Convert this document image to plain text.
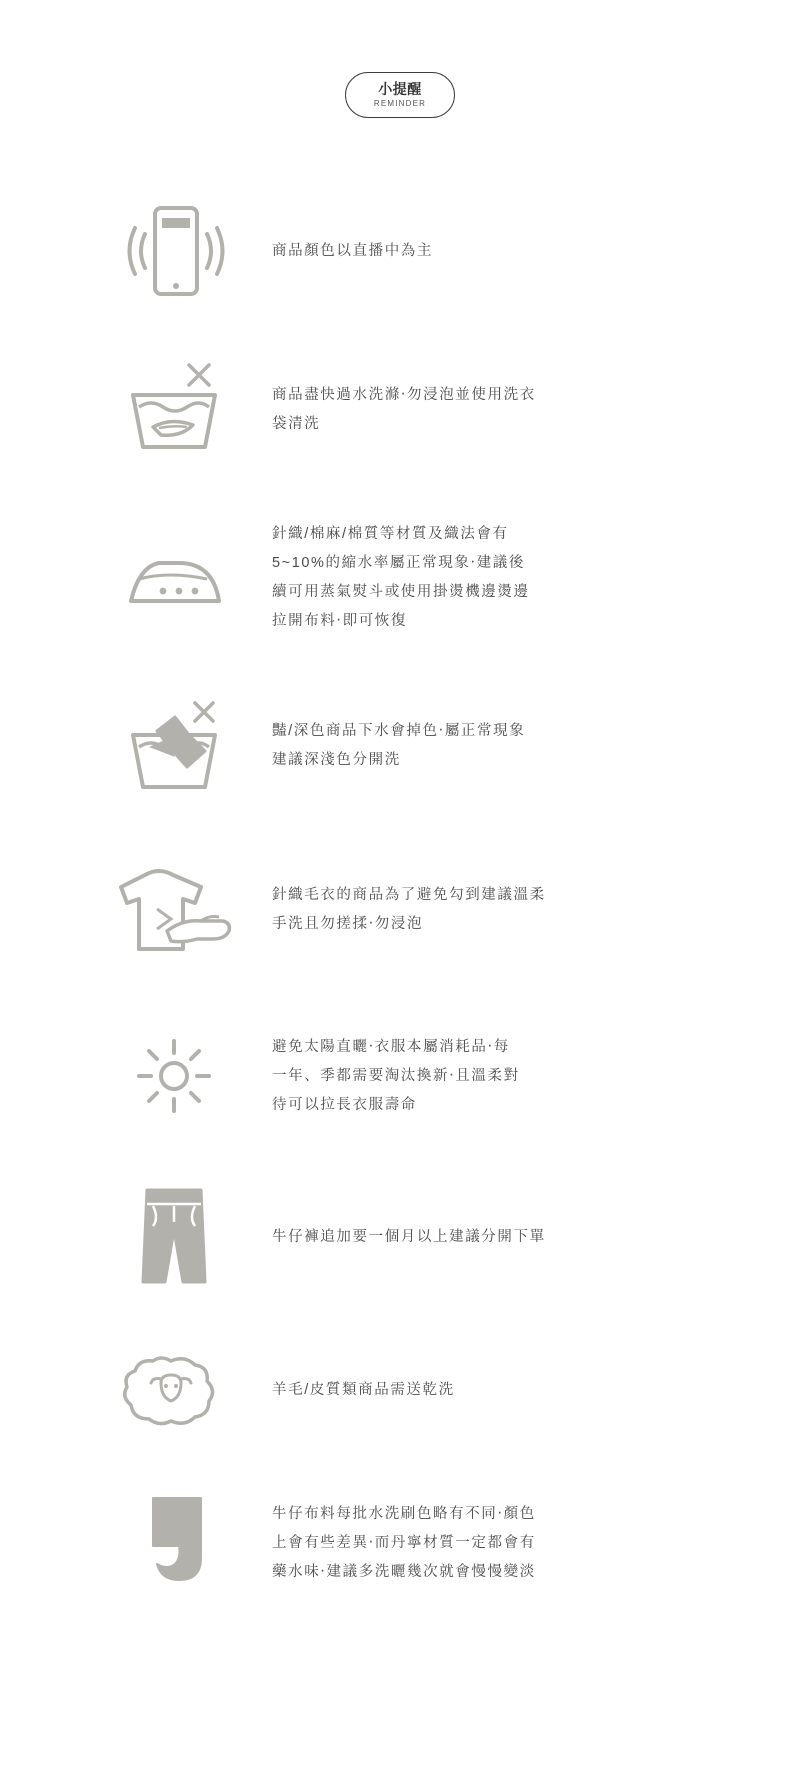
小提醒
REMINDER

商品顏色以直播中為主

商品盡快過水洗滌‧勿浸泡並使用洗衣

袋清洗

針織/棉麻/棉質等材質及織法會有

5~10%的縮水率屬正常現象‧建議後

續可用蒸氣熨斗或使用掛燙機邊燙邊

拉開布料‧即可恢復

豔/深色商品下水會掉色‧屬正常現象

建議深淺色分開洗

針織毛衣的商品為了避免勾到建議溫柔

手洗且勿搓揉‧勿浸泡

避免太陽直曬‧衣服本屬消耗品‧每

一年、季都需要淘汰換新‧且溫柔對

待可以拉長衣服壽命

牛仔褲追加要一個月以上建議分開下單

羊毛/皮質類商品需送乾洗

牛仔布料每批水洗刷色略有不同‧顏色

上會有些差異‧而丹寧材質一定都會有

藥水味‧建議多洗曬幾次就會慢慢變淡
